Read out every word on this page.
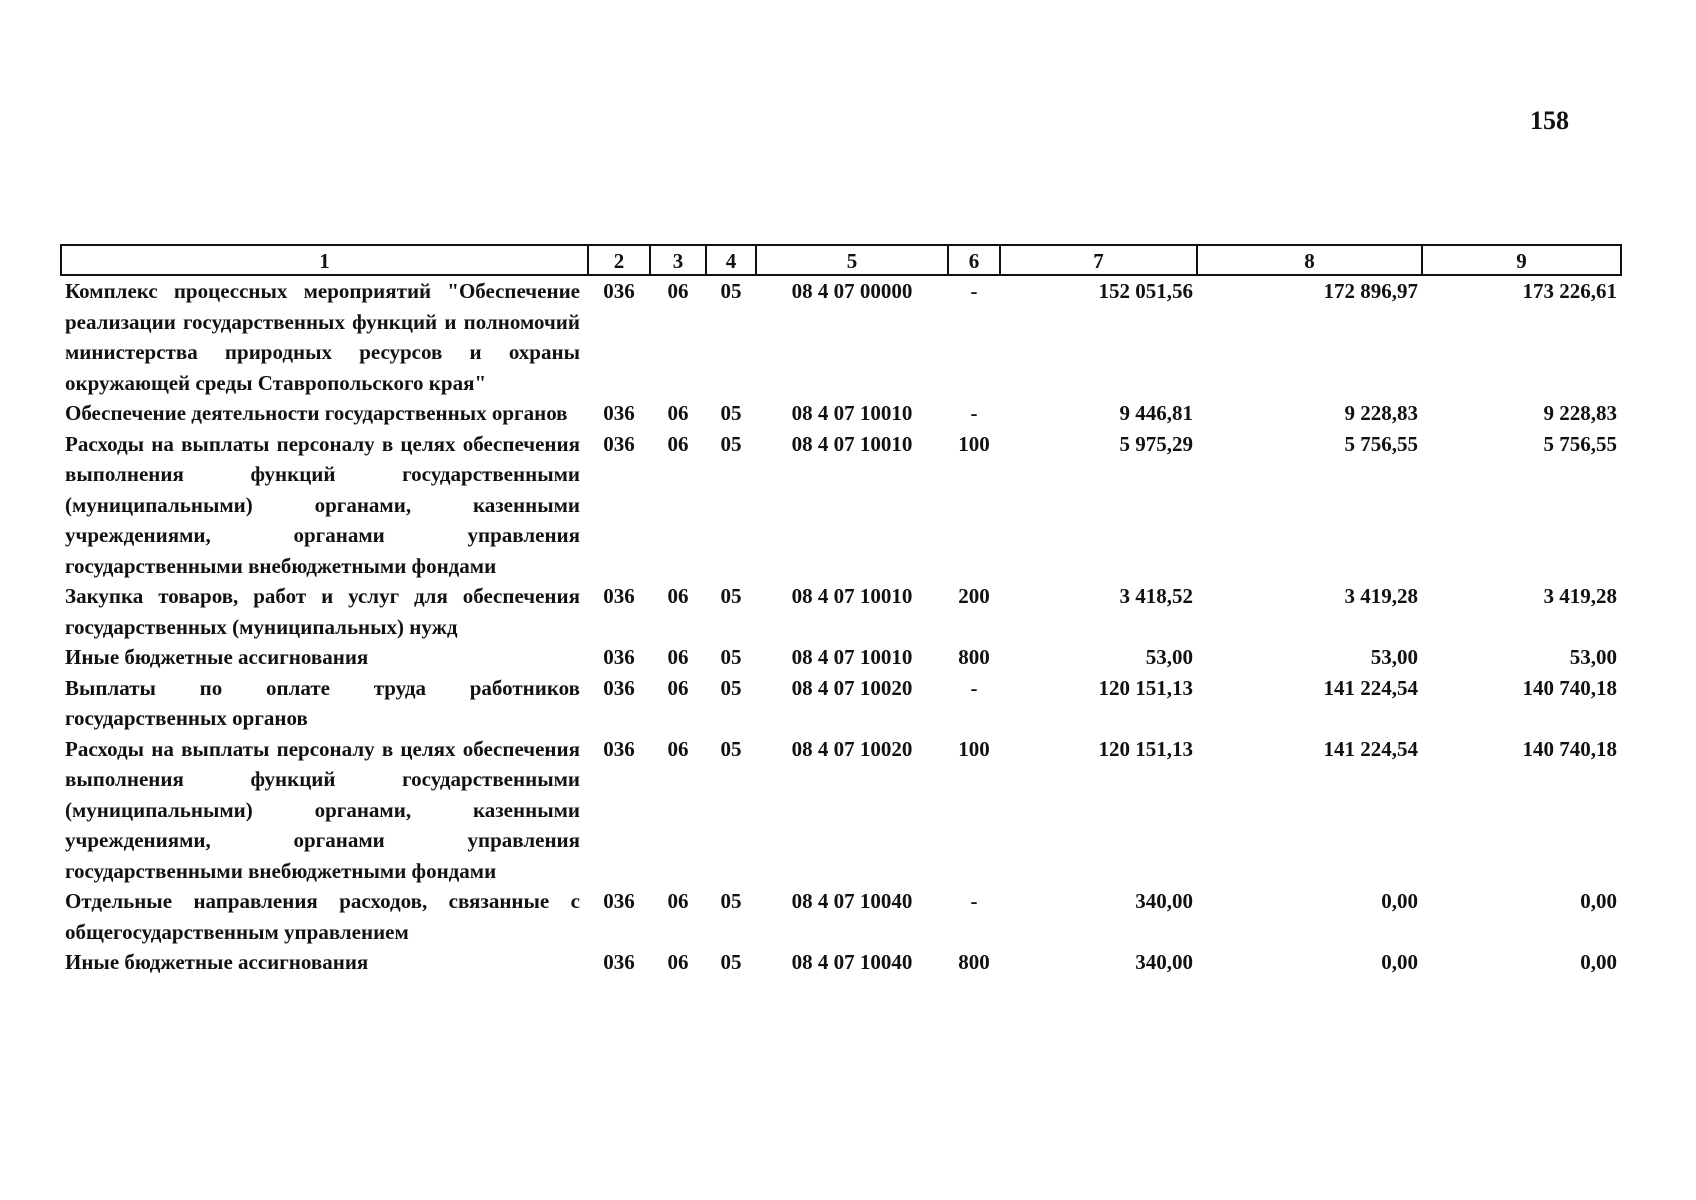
158
1	2	3	4	5	6	7	8	9
Комплекс процессных мероприятий "Обеспечение реализации государственных функций и полномочий министерства природных ресурсов и охраны окружающей среды Ставропольского края"	036	06	05	08 4 07 00000	-	152 051,56	172 896,97	173 226,61
Обеспечение деятельности государственных органов	036	06	05	08 4 07 10010	-	9 446,81	9 228,83	9 228,83
Расходы на выплаты персоналу в целях обеспечения выполнения функций государственными (муниципальными) органами, казенными учреждениями, органами управления государственными внебюджетными фондами	036	06	05	08 4 07 10010	100	5 975,29	5 756,55	5 756,55
Закупка товаров, работ и услуг для обеспечения государственных (муниципальных) нужд	036	06	05	08 4 07 10010	200	3 418,52	3 419,28	3 419,28
Иные бюджетные ассигнования	036	06	05	08 4 07 10010	800	53,00	53,00	53,00
Выплаты по оплате труда работников государственных органов	036	06	05	08 4 07 10020	-	120 151,13	141 224,54	140 740,18
Расходы на выплаты персоналу в целях обеспечения выполнения функций государственными (муниципальными) органами, казенными учреждениями, органами управления государственными внебюджетными фондами	036	06	05	08 4 07 10020	100	120 151,13	141 224,54	140 740,18
Отдельные направления расходов, связанные с общегосударственным управлением	036	06	05	08 4 07 10040	-	340,00	0,00	0,00
Иные бюджетные ассигнования	036	06	05	08 4 07 10040	800	340,00	0,00	0,00
